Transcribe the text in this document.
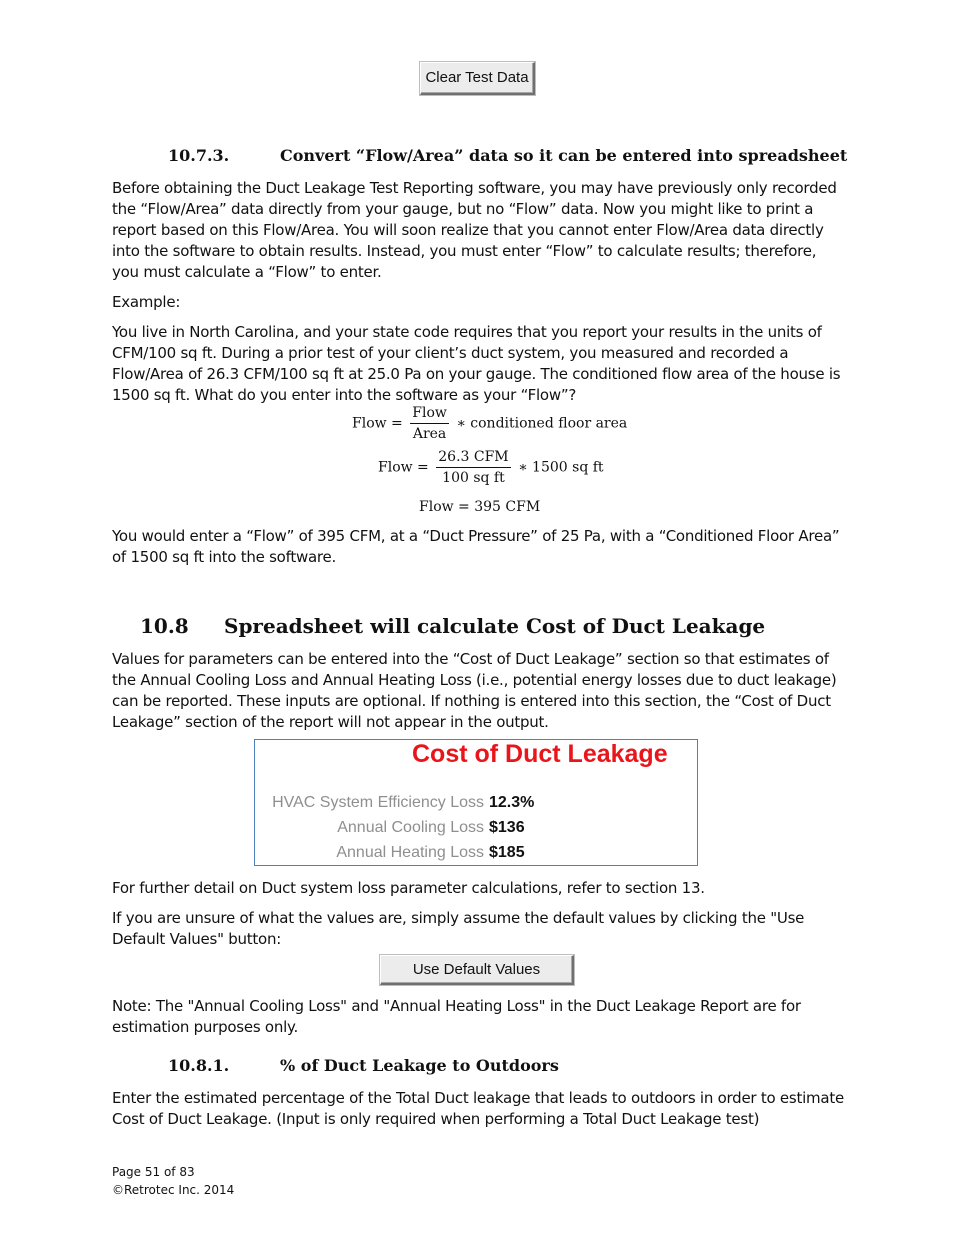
Clear Test Data
10.7.3.	Convert “Flow/Area” data so it can be entered into spreadsheet
Before obtaining the Duct Leakage Test Reporting software, you may have previously only recorded the “Flow/Area” data directly from your gauge, but no “Flow” data. Now you might like to print a report based on this Flow/Area. You will soon realize that you cannot enter Flow/Area data directly into the software to obtain results. Instead, you must enter “Flow” to calculate results; therefore, you must calculate a “Flow” to enter.
Example:
You live in North Carolina, and your state code requires that you report your results in the units of CFM/100 sq ft. During a prior test of your client’s duct system, you measured and recorded a Flow/Area of 26.3 CFM/100 sq ft at 25.0 Pa on your gauge. The conditioned flow area of the house is 1500 sq ft. What do you enter into the software as your “Flow”?
Flow = $\frac{\text{Flow}}{\text{Area}}$ ∗ conditioned floor area
Flow = $\frac{\text{26.3 CFM}}{\text{100 sq ft}}$ ∗ 1500 sq ft
Flow = 395 CFM
You would enter a “Flow” of 395 CFM, at a “Duct Pressure” of 25 Pa, with a “Conditioned Floor Area” of 1500 sq ft into the software.
10.8 Spreadsheet will calculate Cost of Duct Leakage
Values for parameters can be entered into the “Cost of Duct Leakage” section so that estimates of the Annual Cooling Loss and Annual Heating Loss (i.e., potential energy losses due to duct leakage) can be reported. These inputs are optional. If nothing is entered into this section, the “Cost of Duct Leakage” section of the report will not appear in the output.
Cost of Duct Leakage
HVAC System Efficiency Loss 12.3%
Annual Cooling Loss $136
Annual Heating Loss $185
For further detail on Duct system loss parameter calculations, refer to section 13.
If you are unsure of what the values are, simply assume the default values by clicking the "Use Default Values" button:
Use Default Values
Note: The "Annual Cooling Loss" and "Annual Heating Loss" in the Duct Leakage Report are for estimation purposes only.
10.8.1.	% of Duct Leakage to Outdoors
Enter the estimated percentage of the Total Duct leakage that leads to outdoors in order to estimate Cost of Duct Leakage. (Input is only required when performing a Total Duct Leakage test)
Page 51 of 83
©Retrotec Inc. 2014
